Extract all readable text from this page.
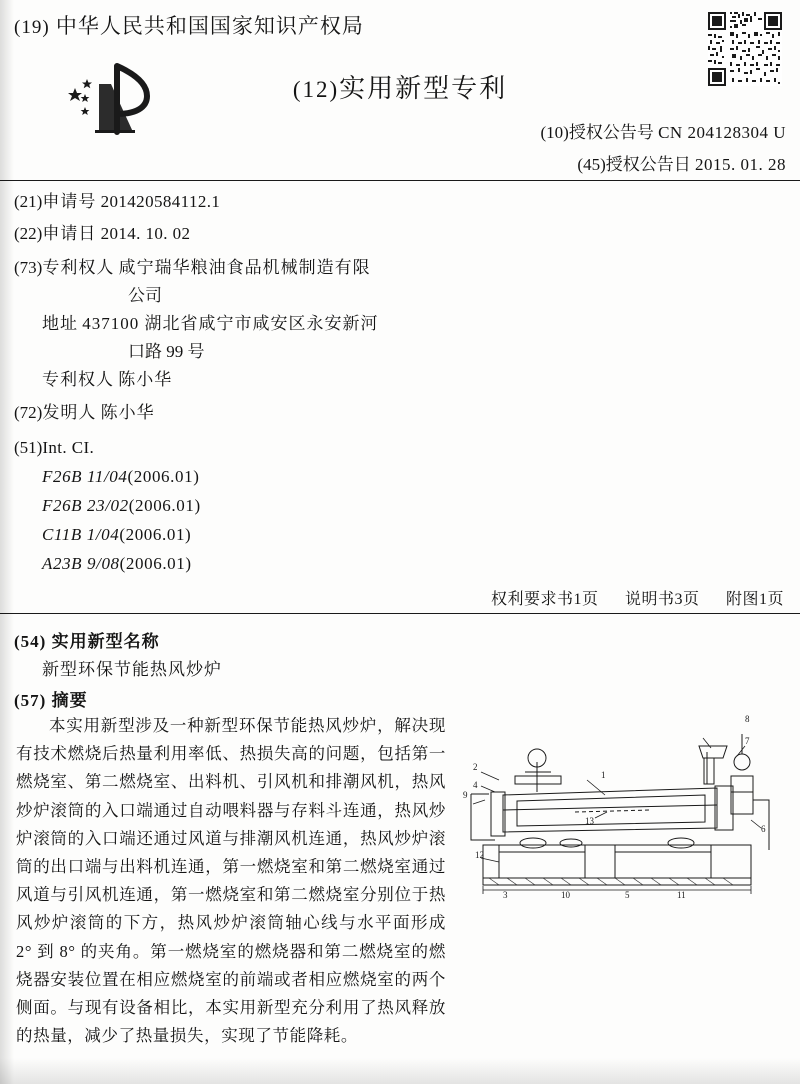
(19) 中华人民共和国国家知识产权局
(12)实用新型专利
(10)授权公告号 CN 204128304 U
(45)授权公告日 2015. 01. 28
(21)申请号 201420584112.1
(22)申请日 2014. 10. 02
(73)专利权人 咸宁瑞华粮油食品机械制造有限
公司
地址 437100 湖北省咸宁市咸安区永安新河
口路 99 号
专利权人 陈小华
(72)发明人 陈小华
(51)Int. CI.
F26B 11/04(2006.01)
F26B 23/02(2006.01)
C11B 1/04(2006.01)
A23B 9/08(2006.01)
权利要求书1页 说明书3页 附图1页
(54) 实用新型名称
新型环保节能热风炒炉
(57) 摘要
本实用新型涉及一种新型环保节能热风炒炉，解决现有技术燃烧后热量利用率低、热损失高的问题，包括第一燃烧室、第二燃烧室、出料机、引风机和排潮风机，热风炒炉滚筒的入口端通过自动喂料器与存料斗连通，热风炒炉滚筒的入口端还通过风道与排潮风机连通，热风炒炉滚筒的出口端与出料机连通，第一燃烧室和第二燃烧室通过风道与引风机连通，第一燃烧室和第二燃烧室分别位于热风炒炉滚筒的下方，热风炒炉滚筒轴心线与水平面形成 2° 到 8° 的夹角。第一燃烧室的燃烧器和第二燃烧室的燃烧器安装位置在相应燃烧室的前端或者相应燃烧室的两个侧面。与现有设备相比，本实用新型充分利用了热风释放的热量，减少了热量损失，实现了节能降耗。
1
2
3
4
5
6
7
8
9
10	11
12
13
